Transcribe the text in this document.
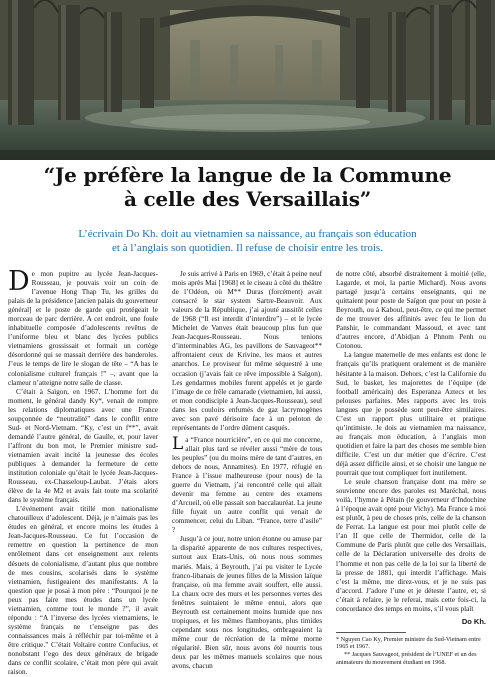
“Je préfère la langue de la Commune
à celle des Versaillais”

L’écrivain Do Kh. doit au vietnamien sa naissance, au français son éducation
et à l’anglais son quotidien. Il refuse de choisir entre les trois.

De mon pupitre au lycée Jean-Jacques-Rousseau, je pouvais voir un coin de l’avenue Hong Thap Tu, les grilles du palais de la présidence [ancien palais du gouverneur général] et le poste de garde qui protégeait le morceau de parc derrière. A cet endroit, une foule inhabituelle composée d’adolescents revêtus de l’uniforme bleu et blanc des lycées publics vietnamiens grossissait et formait un cortège désordonné qui se massait derrière des banderoles. J’eus le temps de lire le slogan de tête – “A bas le colonialisme culturel français !” –, avant que la clameur n’atteigne notre salle de classe.

C’était à Saïgon, en 1967. L’homme fort du moment, le général dandy Ky*, venait de rompre les relations diplomatiques avec une France soupçonnée de “neutralité” dans le conflit entre Sud- et Nord-Vietnam. “Ky, c’est un f**”, avait demandé l’autre général, de Gaulle, et, pour laver l’affront du bon mot, le Premier ministre sud-vietnamien avait incité la jeunesse des écoles publiques à demander la fermeture de cette institution coloniale qu’était le lycée Jean-Jacques-Rousseau, ex-Chasseloup-Laubat. J’étais alors élève de la 4e M2 et avais fait toute ma scolarité dans le système français.

L’événement avait titillé mon nationalisme chatouilleux d’adolescent. Déjà, je n’aimais pas les études en général, et encore moins les études à Jean-Jacques-Rousseau. Ce fut l’occasion de remettre en question la pertinence de mon enrôlement dans cet enseignement aux relents désuets de colonialisme, d’autant plus que nombre de mes cousins, scolarisés dans le système vietnamien, fustigeaient des manifestants. A la question que je posai à mon père : “Pourquoi je ne peux pas faire mes études dans un lycée vietnamien, comme tout le monde ?”, il avait répondu : “A l’inverse des lycées vietnamiens, le système français ne t’enseigne pas des connaissances mais à réfléchir par toi-même et à être critique.” C’était Voltaire contre Confucius, et nonobstant l’ego des deux généraux de brigade dans ce conflit scolaire, c’était mon père qui avait raison.

Je suis arrivé à Paris en 1969, c’était à peine neuf mois après Mai [1968] et le ciseau à côté du théâtre de l’Odéon, où M** Duras (forcément) avait consacré le star system Sartre-Beauvoir. Aux valeurs de la République, j’ai ajouté aussitôt celles de 1968 (“Il est interdit d’interdire”) – et le lycée Michelet de Vanves était beaucoup plus fun que Jean-Jacques-Rousseau. Nous tenions d’interminables AG, les pavillons de Sauvageot** affrontaient ceux de Krivine, les maos et autres anarchos. Le proviseur fut même séquestré à une occasion (j’avais fait ce rêve impossible à Saïgon). Les gendarmes mobiles furent appelés et je garde l’image de ce frêle camarade (vietnamien, lui aussi, et mon condisciple à Jean-Jacques-Rousseau), seul dans les couloirs enfumés de gaz lacrymogènes avec son pavé dérisoire face à un peloton de représentants de l’ordre dûment casqués.

La “France nourricière”, en ce qui me concerne, allait plus tard se révéler aussi “mère de tous les peuples” (ou du moins mère de tant d’autres, en dehors de nous, Annamites). En 1977, réfugié en France à l’issue malheureuse (pour nous) de la guerre du Vietnam, j’ai rencontré celle qui allait devenir ma femme au centre des examens d’Arcueil, où elle passait son baccalauréat. La jeune fille fuyait un autre conflit qui venait de commencer, celui du Liban. “France, terre d’asile” ?

Jusqu’à ce jour, notre union étonne ou amuse par la disparité apparente de nos cultures respectives, surtout aux Etats-Unis, où nous nous sommes mariés. Mais, à Beyrouth, j’ai pu visiter le Lycée franco-libanais de jeunes filles de la Mission laïque française, où ma femme avait souffert, elle aussi. La chaux ocre des murs et les personnes vertes des fenêtres suintaient le même ennui, alors que Beyrouth est certainement moins humide que nos tropiques, et les mêmes flamboyants, plus timides cependant sous nos longitudes, ombrageaient la même cour de récréation de la même morne régularité. Bien sûr, nous avons été nourris tous deux par les mêmes manuels scolaires que nous avons, chacun

de notre côté, absorbé distraitement à moitié (elle, Lagarde, et moi, la partie Michard). Nous avons partagé jusqu’à certains enseignants, qui ne quittaient pour poste de Saïgon que pour un poste à Beyrouth, ou à Kaboul, peut-être, ce qui me permet de me trouver des affinités avec feu le lion du Panshir, le commandant Massoud, et avec tant d’autres encore, d’Abidjan à Phnom Penh ou Cotonou.

La langue maternelle de mes enfants est donc le français qu’ils pratiquent oralement et de manière hésitante à la maison. Dehors, c’est la Californie du Sud, le basket, les majorettes de l’équipe (de football américain) des Esperanza Aztecs et les pelouses parfaites. Mes rapports avec les trois langues que je possède sont peut-être similaires. C’est un rapport plus utilitaire et pratique qu’intimiste. Je dois au vietnamien ma naissance, au français mon éducation, à l’anglais mon quotidien et faire la part des choses me semble bien difficile. C’est un dur métier que d’écrire. C’est déjà assez difficile ainsi, et se choisir une langue ne pourrait que tout compliquer fort inutilement.

Le seule chanson française dont ma mère se souvienne encore des paroles est Maréchal, nous voilà, l’hymne à Pétain (le gouverneur d’Indochine à l’époque avait opté pour Vichy). Ma France à moi est plutôt, à peu de choses près, celle de la chanson de Ferrat. La langue est pour moi plutôt celle de l’an II que celle de Thermidor, celle de la Commune de Paris plutôt que celle des Versaillais, celle de la Déclaration universelle des droits de l’homme et non pas celle de la loi sur la liberté de la presse de 1881, qui interdit l’affichage. Mais c’est la même, me direz-vous, et je ne suis pas d’accord. J’adore l’une et je déteste l’autre, et, si c’était à refaire, je le referai, mais cette fois-ci, la concordance des temps en moins, s’il vous plaît

Do Kh.

* Nguyen Cao Ky, Premier ministre du Sud-Vietnam entre 1965 et 1967.

** Jacques Sauvageot, président de l’UNEF et un des animateurs du mouvement étudiant en 1968.
